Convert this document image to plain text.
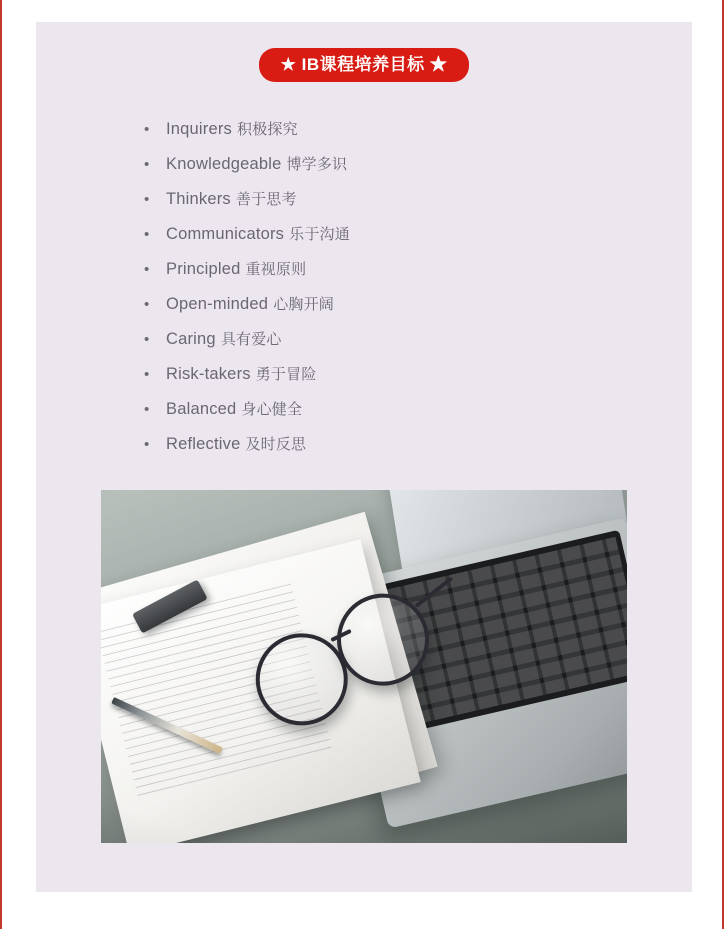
★ IB课程培养目标 ★
•	Inquirers 积极探究
•	Knowledgeable 博学多识
•	Thinkers 善于思考
•	Communicators 乐于沟通
•	Principled 重视原则
•	Open-minded 心胸开阔
•	Caring 具有爱心
•	Risk-takers 勇于冒险
•	Balanced 身心健全
•	Reflective 及时反思
